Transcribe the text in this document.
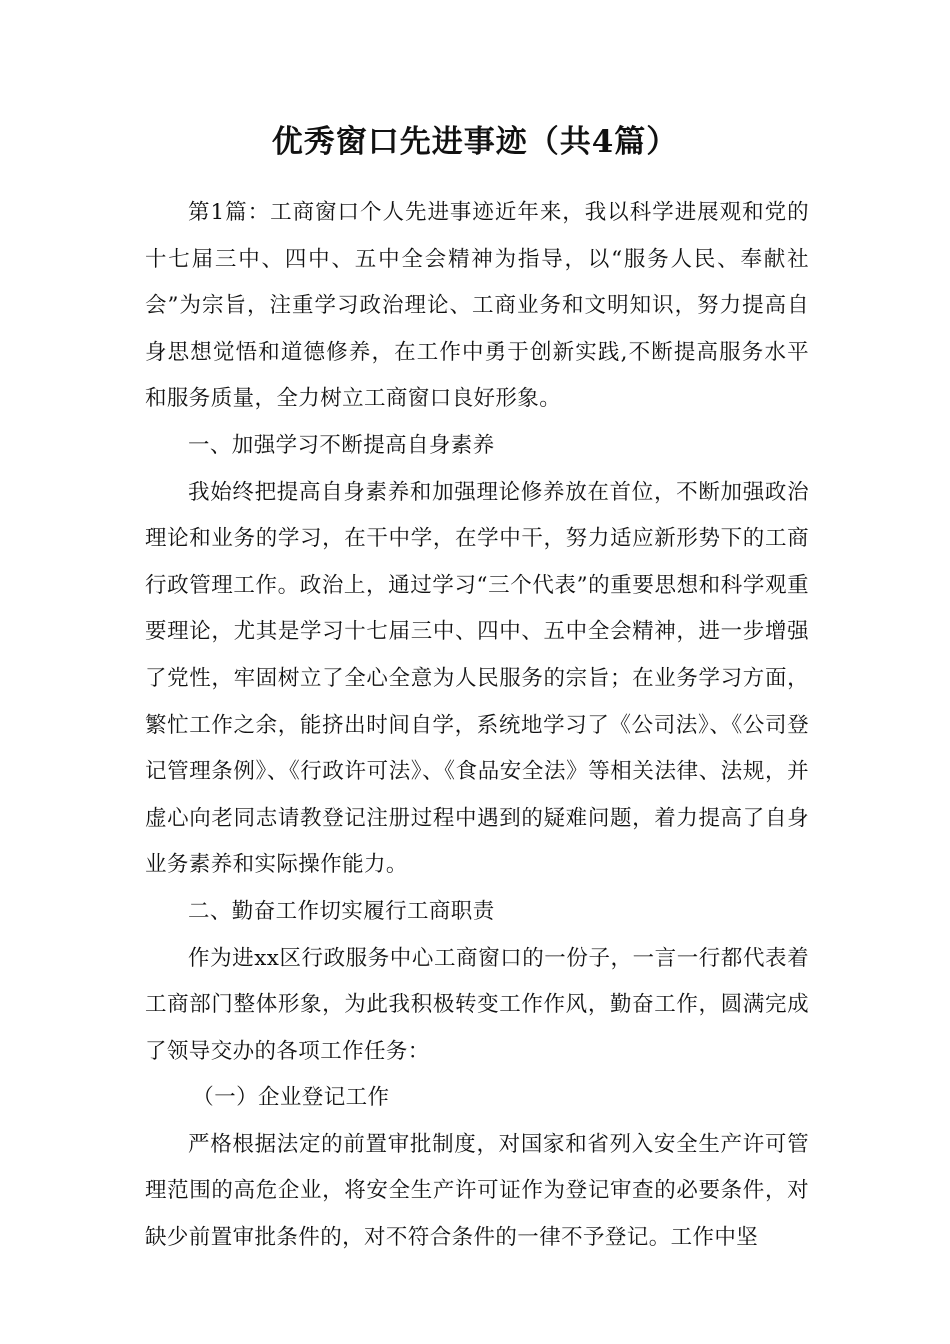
优秀窗口先进事迹（共4篇）

第1篇：工商窗口个人先进事迹近年来，我以科学进展观和党的十七届三中、四中、五中全会精神为指导，以“服务人民、奉献社会”为宗旨，注重学习政治理论、工商业务和文明知识，努力提高自身思想觉悟和道德修养，在工作中勇于创新实践,不断提高服务水平和服务质量，全力树立工商窗口良好形象。

一、加强学习不断提高自身素养

我始终把提高自身素养和加强理论修养放在首位，不断加强政治理论和业务的学习，在干中学，在学中干，努力适应新形势下的工商行政管理工作。政治上，通过学习“三个代表”的重要思想和科学观重要理论，尤其是学习十七届三中、四中、五中全会精神，进一步增强了党性，牢固树立了全心全意为人民服务的宗旨；在业务学习方面，繁忙工作之余，能挤出时间自学，系统地学习了《公司法》、《公司登记管理条例》、《行政许可法》、《食品安全法》等相关法律、法规，并虚心向老同志请教登记注册过程中遇到的疑难问题，着力提高了自身业务素养和实际操作能力。

二、勤奋工作切实履行工商职责

作为进xx区行政服务中心工商窗口的一份子，一言一行都代表着工商部门整体形象，为此我积极转变工作作风，勤奋工作，圆满完成了领导交办的各项工作任务：

（一）企业登记工作

严格根据法定的前置审批制度，对国家和省列入安全生产许可管理范围的高危企业，将安全生产许可证作为登记审查的必要条件，对缺少前置审批条件的，对不符合条件的一律不予登记。工作中坚
